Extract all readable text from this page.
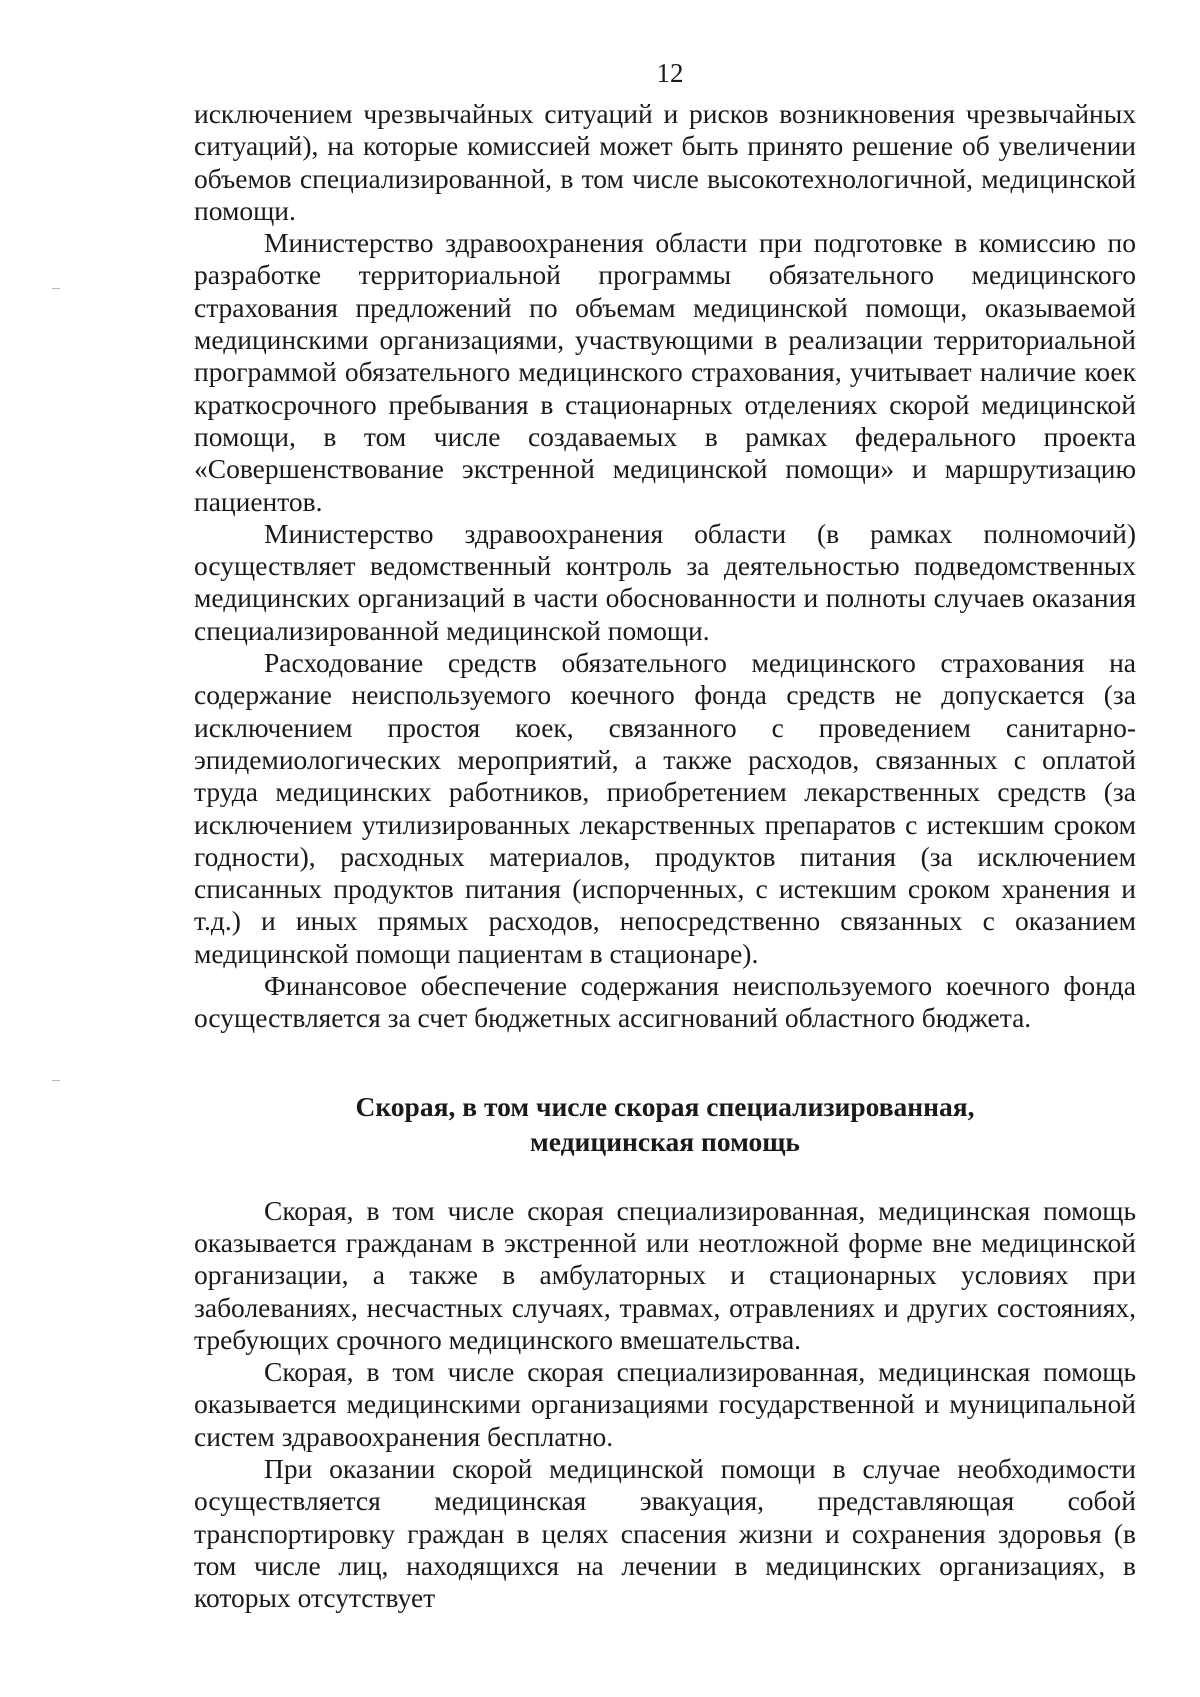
12

исключением чрезвычайных ситуаций и рисков возникновения чрезвычайных ситуаций), на которые комиссией может быть принято решение об увеличении объемов специализированной, в том числе высокотехнологичной, медицинской помощи.

Министерство здравоохранения области при подготовке в комиссию по разработке территориальной программы обязательного медицинского страхования предложений по объемам медицинской помощи, оказываемой медицинскими организациями, участвующими в реализации территориальной программой обязательного медицинского страхования, учитывает наличие коек краткосрочного пребывания в стационарных отделениях скорой медицинской помощи, в том числе создаваемых в рамках федерального проекта «Совершенствование экстренной медицинской помощи» и маршрутизацию пациентов.

Министерство здравоохранения области (в рамках полномочий) осуществляет ведомственный контроль за деятельностью подведомственных медицинских организаций в части обоснованности и полноты случаев оказания специализированной медицинской помощи.

Расходование средств обязательного медицинского страхования на содержание неиспользуемого коечного фонда средств не допускается (за исключением простоя коек, связанного с проведением санитарно-эпидемиологических мероприятий, а также расходов, связанных с оплатой труда медицинских работников, приобретением лекарственных средств (за исключением утилизированных лекарственных препаратов с истекшим сроком годности), расходных материалов, продуктов питания (за исключением списанных продуктов питания (испорченных, с истекшим сроком хранения и т.д.) и иных прямых расходов, непосредственно связанных с оказанием медицинской помощи пациентам в стационаре).

Финансовое обеспечение содержания неиспользуемого коечного фонда осуществляется за счет бюджетных ассигнований областного бюджета.

Скорая, в том числе скорая специализированная,
медицинская помощь

Скорая, в том числе скорая специализированная, медицинская помощь оказывается гражданам в экстренной или неотложной форме вне медицинской организации, а также в амбулаторных и стационарных условиях при заболеваниях, несчастных случаях, травмах, отравлениях и других состояниях, требующих срочного медицинского вмешательства.

Скорая, в том числе скорая специализированная, медицинская помощь оказывается медицинскими организациями государственной и муниципальной систем здравоохранения бесплатно.

При оказании скорой медицинской помощи в случае необходимости осуществляется медицинская эвакуация, представляющая собой транспортировку граждан в целях спасения жизни и сохранения здоровья (в том числе лиц, находящихся на лечении в медицинских организациях, в которых отсутствует
